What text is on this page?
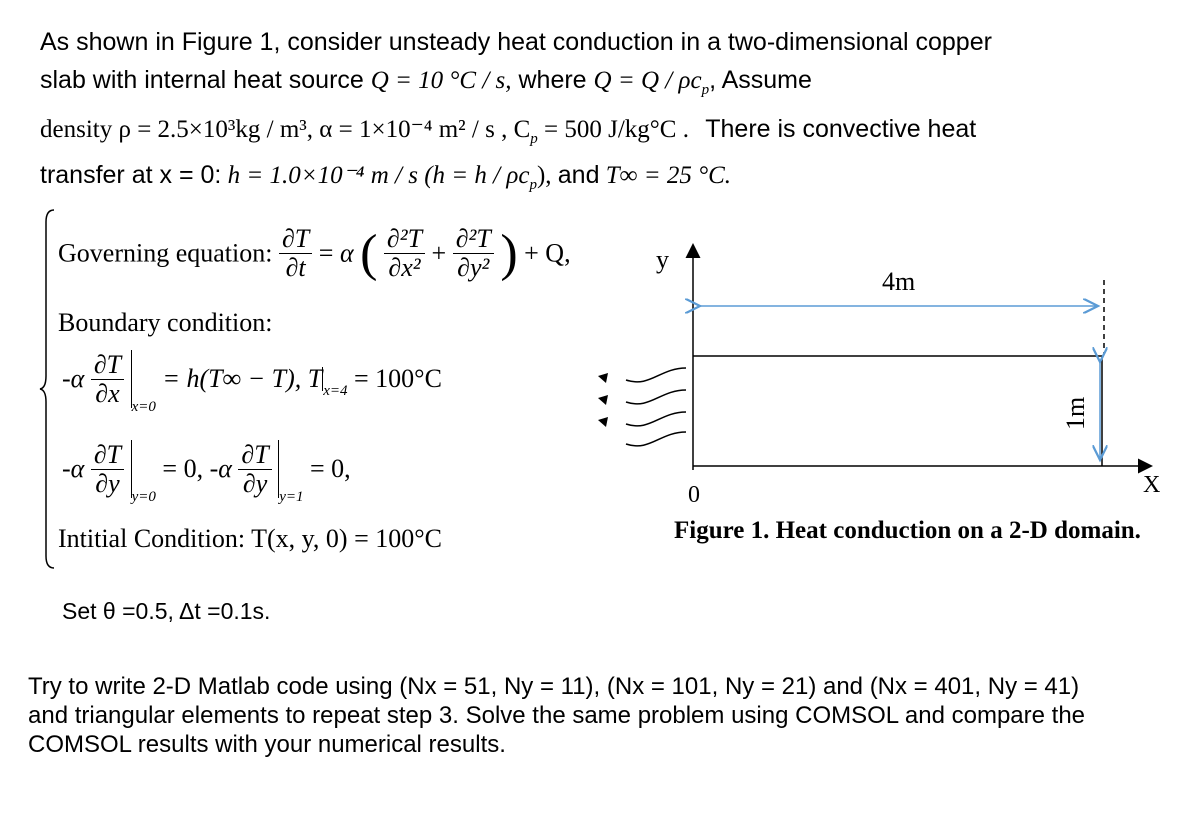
As shown in Figure 1, consider unsteady heat conduction in a two-dimensional copper
slab with internal heat source Q = 10 °C / s, where $Q = Q / \rho c_p$, Assume
density ρ = 2.5×10³kg / m³, α = 1×10⁻⁴ m² / s , $C_p = 500$ J/kg°C . There is convective heat
transfer at x = 0: h = 1.0×10⁻⁴ m / s $(h = h / \rho c_p)$, and T∞ = 25 °C.
Governing equation: $\frac{\partial T}{\partial t} = \alpha$ ( $\frac{\text{∂²T}}{\text{∂x²}} + \frac{\text{∂²T}}{\text{∂y²}}$ ) + Q,
Boundary condition:
$-\alpha \frac{\partial T}{\partial x} _{x=0} = h(T\infty - T)$, $T_{x=4} = 100^\circ C$
$-\alpha \frac{\partial T}{\partial y} _{y=0} = 0$, $-\alpha \frac{\partial T}{\partial y} _{y=1} = 0$,
Intitial Condition: T(x, y, 0) = 100°C
y
X
0
4m
1m
Figure 1. Heat conduction on a 2-D domain.
Set θ =0.5, Δt =0.1s.
Try to write 2-D Matlab code using (Nx = 51, Ny = 11), (Nx = 101, Ny = 21) and (Nx = 401, Ny = 41) and triangular elements to repeat step 3. Solve the same problem using COMSOL and compare the COMSOL results with your numerical results.
